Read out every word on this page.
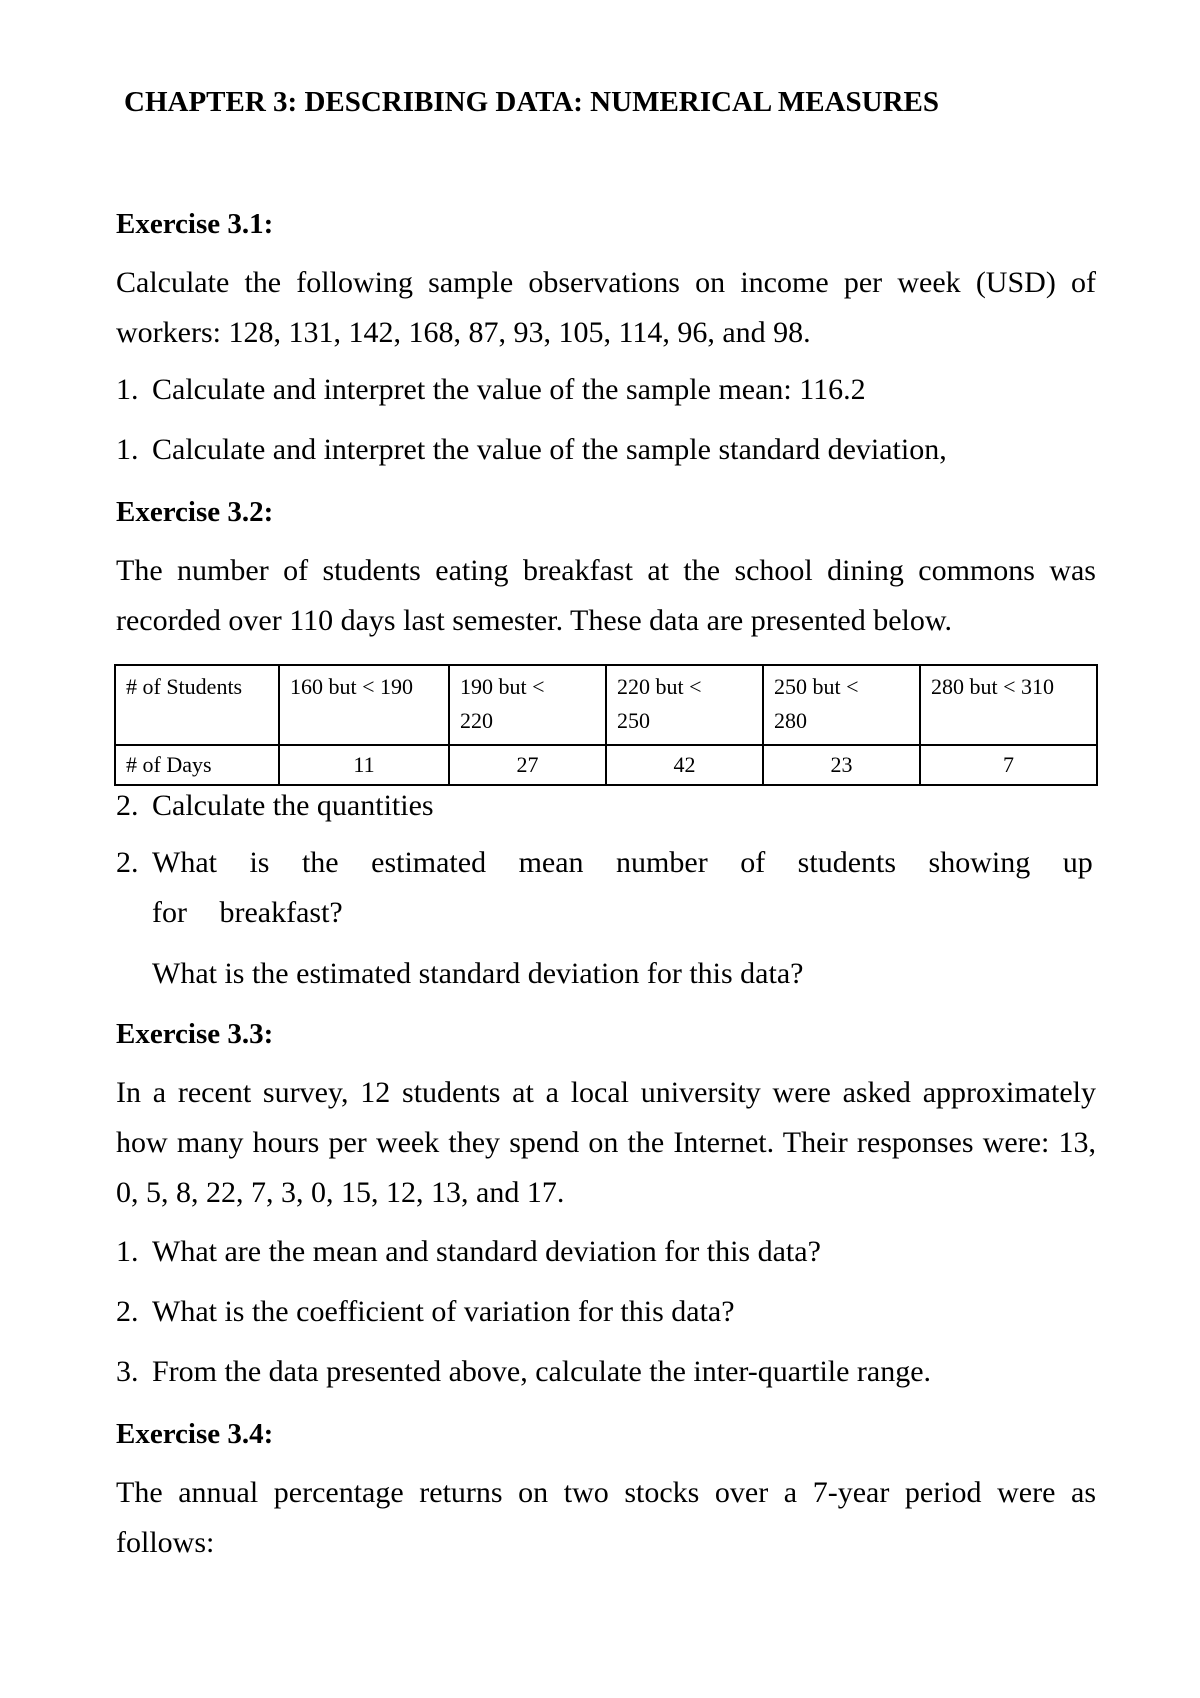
CHAPTER 3: DESCRIBING DATA: NUMERICAL MEASURES
Exercise 3.1:
Calculate the following sample observations on income per week (USD) of workers: 128, 131, 142, 168, 87, 93, 105, 114, 96, and 98.
1. Calculate and interpret the value of the sample mean: 116.2
1. Calculate and interpret the value of the sample standard deviation,
Exercise 3.2:
The number of students eating breakfast at the school dining commons was recorded over 110 days last semester. These data are presented below.
# of Students	160 but < 190	190 but < 220	220 but < 250	250 but < 280	280 but < 310
# of Days	11	27	42	23	7
2. Calculate the quantities
2. What is the estimated mean number of students showing up for breakfast?
What is the estimated standard deviation for this data?
Exercise 3.3:
In a recent survey, 12 students at a local university were asked approximately how many hours per week they spend on the Internet. Their responses were: 13, 0, 5, 8, 22, 7, 3, 0, 15, 12, 13, and 17.
1. What are the mean and standard deviation for this data?
2. What is the coefficient of variation for this data?
3. From the data presented above, calculate the inter-quartile range.
Exercise 3.4:
The annual percentage returns on two stocks over a 7-year period were as follows:
